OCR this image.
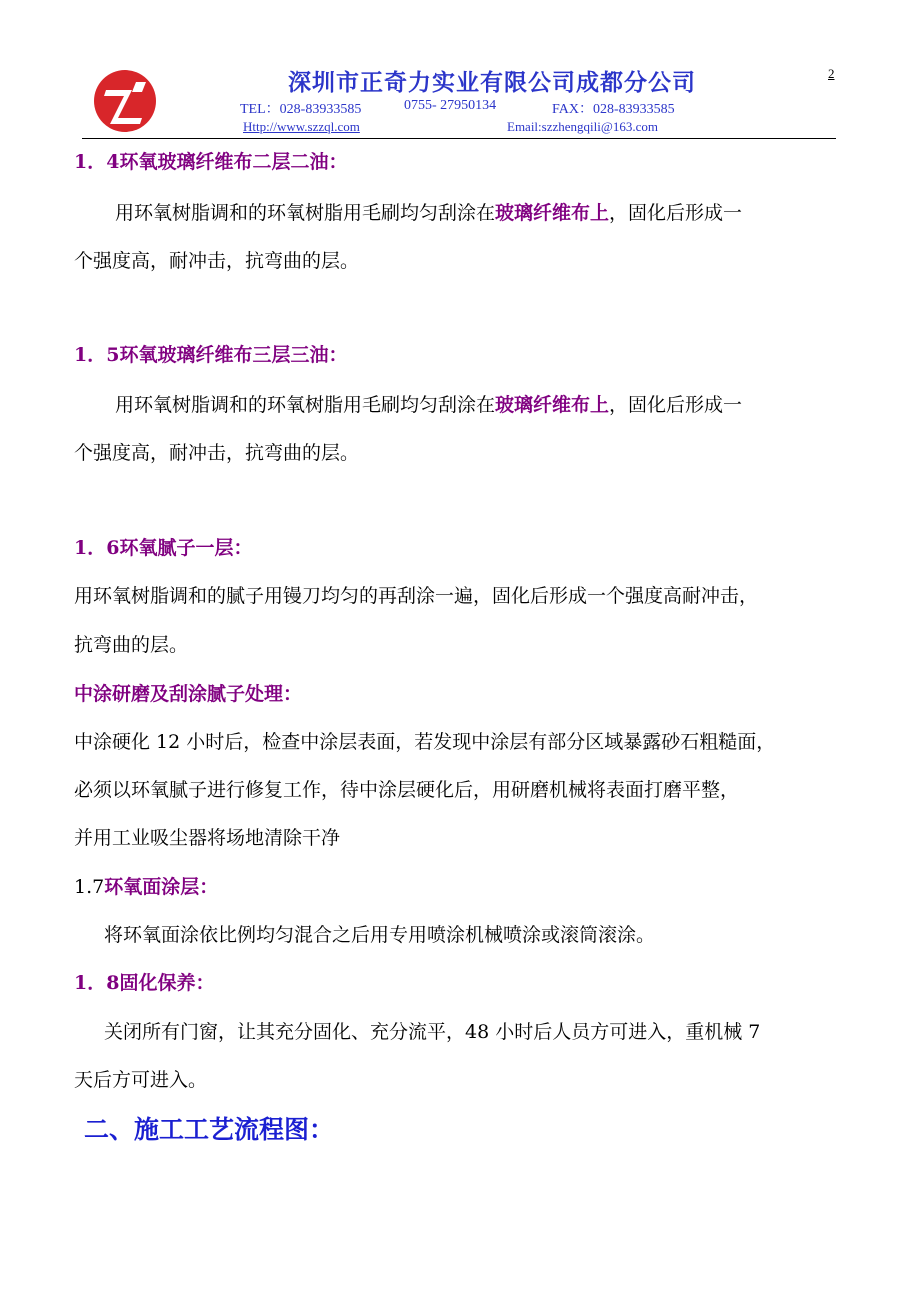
深圳市正奇力实业有限公司成都分公司	2
TEL：028-83933585	0755- 27950134	FAX：028-83933585
Http://www.szzql.com	Email:szzhengqili@163.com
1．4环氧玻璃纤维布二层二油：
用环氧树脂调和的环氧树脂用毛刷均匀刮涂在玻璃纤维布上，固化后形成一
个强度高，耐冲击，抗弯曲的层。
1．5环氧玻璃纤维布三层三油：
用环氧树脂调和的环氧树脂用毛刷均匀刮涂在玻璃纤维布上，固化后形成一
个强度高，耐冲击，抗弯曲的层。
1．6环氧腻子一层：
用环氧树脂调和的腻子用镘刀均匀的再刮涂一遍，固化后形成一个强度高耐冲击，
抗弯曲的层。
中涂研磨及刮涂腻子处理：
中涂硬化 12 小时后，检查中涂层表面，若发现中涂层有部分区域暴露砂石粗糙面，
必须以环氧腻子进行修复工作，待中涂层硬化后，用研磨机械将表面打磨平整，
并用工业吸尘器将场地清除干净
1.7环氧面涂层：
将环氧面涂依比例均匀混合之后用专用喷涂机械喷涂或滚筒滚涂。
1．8固化保养：
关闭所有门窗，让其充分固化、充分流平，48 小时后人员方可进入，重机械 7
天后方可进入。
二、施工工艺流程图：
